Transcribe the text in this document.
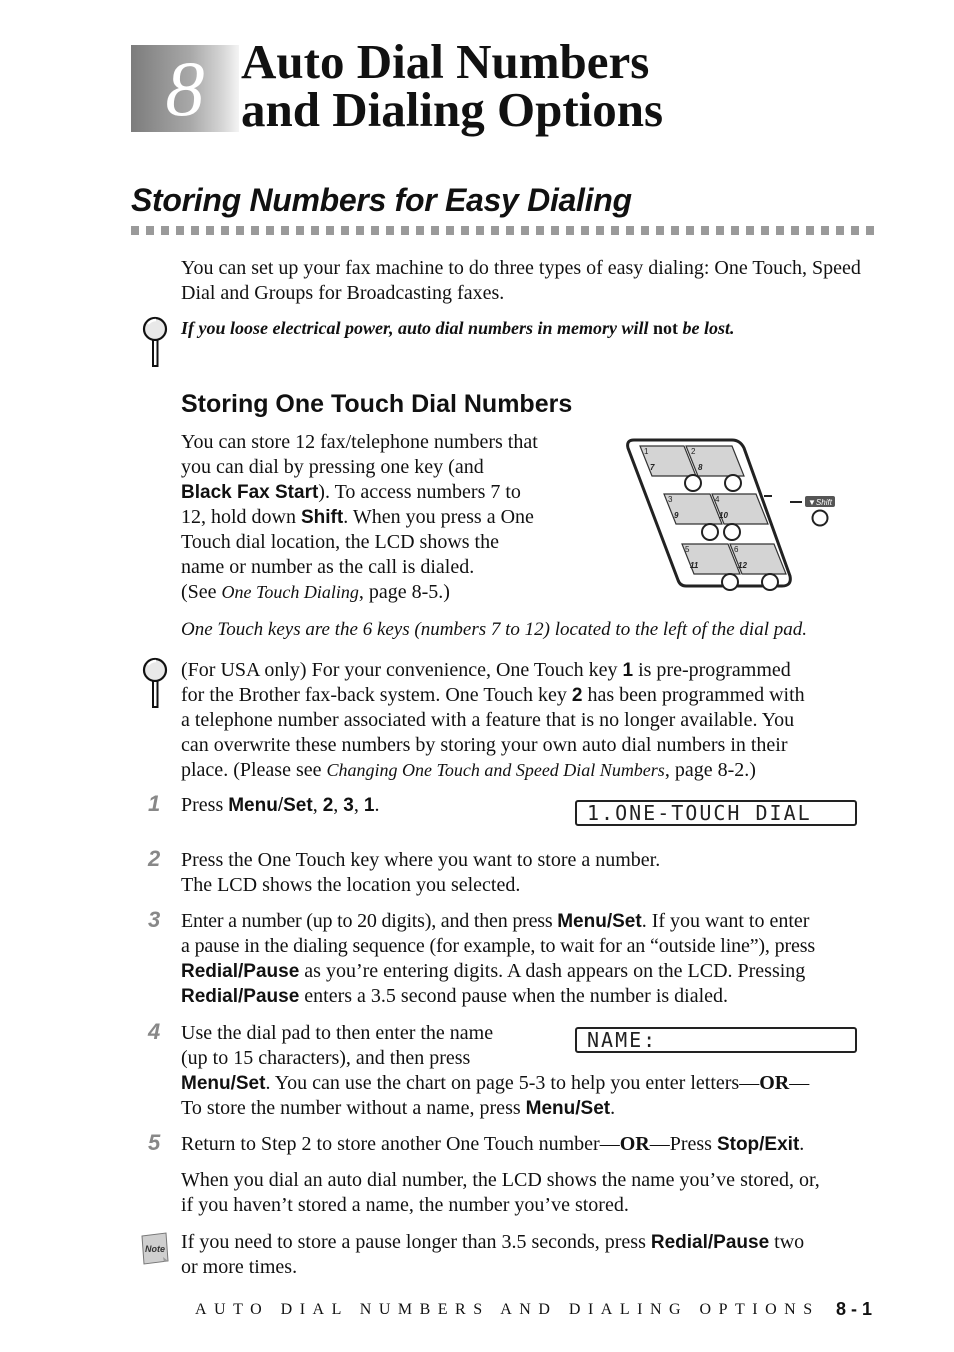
8 Auto Dial Numbers
and Dialing Options
Storing Numbers for Easy Dialing
You can set up your fax machine to do three types of easy dialing: One Touch, Speed Dial and Groups for Broadcasting faxes.
If you loose electrical power, auto dial numbers in memory will not be lost.
Storing One Touch Dial Numbers
You can store 12 fax/telephone numbers that
you can dial by pressing one key (and
Black Fax Start). To access numbers 7 to
12, hold down Shift. When you press a One
Touch dial location, the LCD shows the
name or number as the call is dialed.
(See One Touch Dialing, page 8-5.)
1	2
7	8
3	4
9	10
5	6
11	12
▼Shift
One Touch keys are the 6 keys (numbers 7 to 12) located to the left of the dial pad.
(For USA only) For your convenience, One Touch key 1 is pre-programmed
for the Brother fax-back system. One Touch key 2 has been programmed with
a telephone number associated with a feature that is no longer available. You
can overwrite these numbers by storing your own auto dial numbers in their
place. (Please see Changing One Touch and Speed Dial Numbers, page 8-2.)
1 Press Menu/Set, 2, 3, 1.	1.ONE-TOUCH DIAL
2 Press the One Touch key where you want to store a number.
The LCD shows the location you selected.
3 Enter a number (up to 20 digits), and then press Menu/Set. If you want to enter
a pause in the dialing sequence (for example, to wait for an “outside line”), press
Redial/Pause as you’re entering digits. A dash appears on the LCD. Pressing
Redial/Pause enters a 3.5 second pause when the number is dialed.
4 Use the dial pad to then enter the name
(up to 15 characters), and then press
Menu/Set. You can use the chart on page 5-3 to help you enter letters—OR—
To store the number without a name, press Menu/Set.
NAME:
5 Return to Step 2 to store another One Touch number—OR—Press Stop/Exit.
When you dial an auto dial number, the LCD shows the name you’ve stored, or,
if you haven’t stored a name, the number you’ve stored.
Note If you need to store a pause longer than 3.5 seconds, press Redial/Pause two
or more times.
AUTO DIAL NUMBERS AND DIALING OPTIONS 8 - 1
